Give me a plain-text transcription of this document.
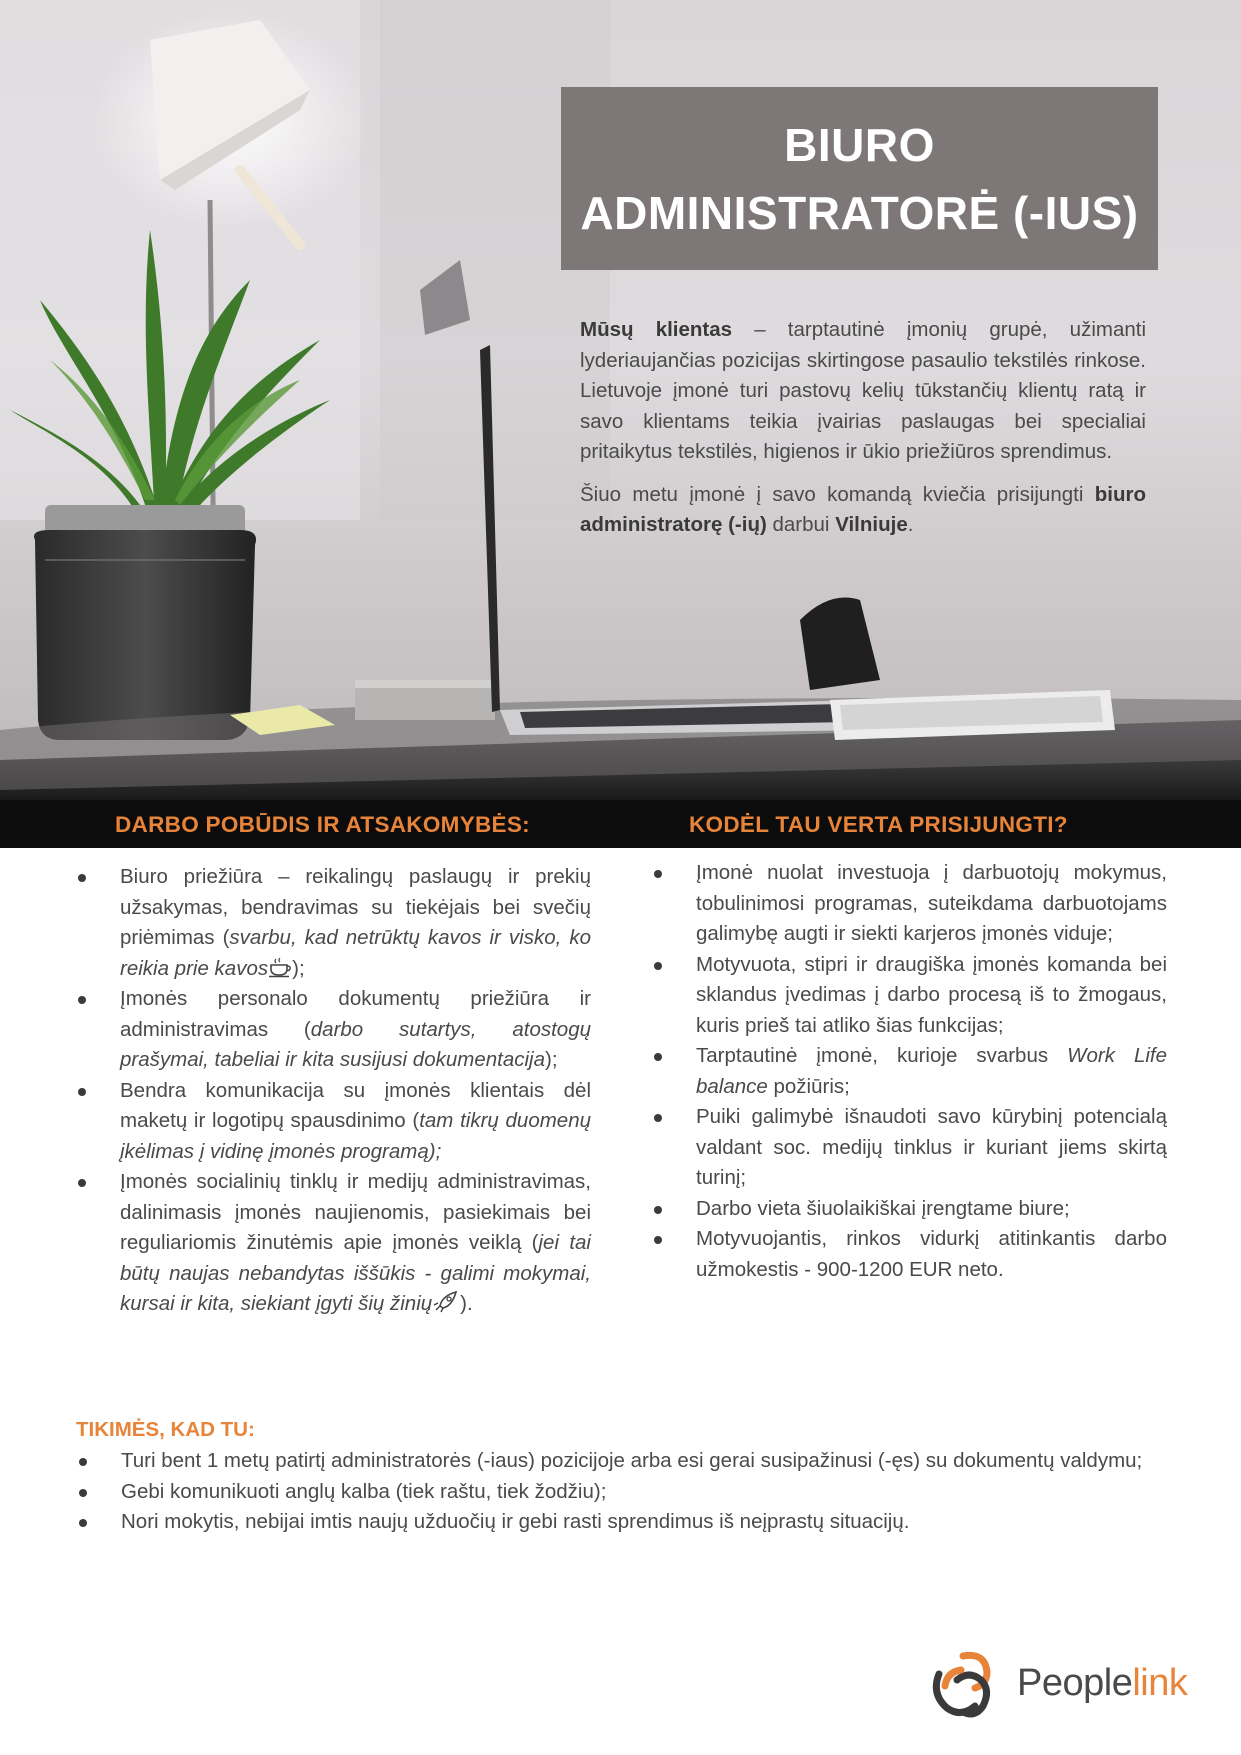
BIURO
ADMINISTRATORĖ (-IUS)

Mūsų klientas – tarptautinė įmonių grupė, užimanti lyderiaujančias pozicijas skirtingose pasaulio tekstilės rinkose. Lietuvoje įmonė turi pastovų kelių tūkstančių klientų ratą ir savo klientams teikia įvairias paslaugas bei specialiai pritaikytus tekstilės, higienos ir ūkio priežiūros sprendimus.

Šiuo metu įmonė į savo komandą kviečia prisijungti biuro administratorę (-ių) darbui Vilniuje.

DARBO POBŪDIS IR ATSAKOMYBĖS:	KODĖL TAU VERTA PRISIJUNGTI?
Biuro priežiūra – reikalingų paslaugų ir prekių užsakymas, bendravimas su tiekėjais bei svečių priėmimas (svarbu, kad netrūktų kavos ir visko, ko reikia prie kavos );
Įmonės personalo dokumentų priežiūra ir administravimas (darbo sutartys, atostogų prašymai, tabeliai ir kita susijusi dokumentacija);
Bendra komunikacija su įmonės klientais dėl maketų ir logotipų spausdinimo (tam tikrų duomenų įkėlimas į vidinę įmonės programą);
Įmonės socialinių tinklų ir medijų administravimas, dalinimasis įmonės naujienomis, pasiekimais bei reguliariomis žinutėmis apie įmonės veiklą (jei tai būtų naujas nebandytas iššūkis - galimi mokymai, kursai ir kita, siekiant įgyti šių žinių ).
Įmonė nuolat investuoja į darbuotojų mokymus, tobulinimosi programas, suteikdama darbuotojams galimybę augti ir siekti karjeros įmonės viduje;
Motyvuota, stipri ir draugiška įmonės komanda bei sklandus įvedimas į darbo procesą iš to žmogaus, kuris prieš tai atliko šias funkcijas;
Tarptautinė įmonė, kurioje svarbus Work Life balance požiūris;
Puiki galimybė išnaudoti savo kūrybinį potencialą valdant soc. medijų tinklus ir kuriant jiems skirtą turinį;
Darbo vieta šiuolaikiškai įrengtame biure;
Motyvuojantis, rinkos vidurkį atitinkantis darbo užmokestis - 900-1200 EUR neto.
TIKIMĖS, KAD TU:
Turi bent 1 metų patirtį administratorės (-iaus) pozicijoje arba esi gerai susipažinusi (-ęs) su dokumentų valdymu;
Gebi komunikuoti anglų kalba (tiek raštu, tiek žodžiu);
Nori mokytis, nebijai imtis naujų užduočių ir gebi rasti sprendimus iš neįprastų situacijų.
Peoplelink
